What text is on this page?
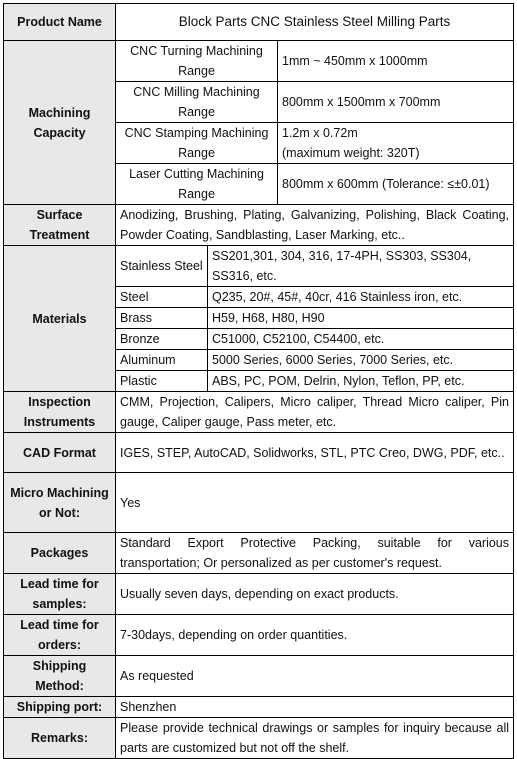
Product Name	Block Parts CNC Stainless Steel Milling Parts		
Machining Capacity	CNC Turning Machining Range		1mm ~ 450mm x 1000mm
	CNC Milling Machining Range		800mm x 1500mm x 700mm
	CNC Stamping Machining Range		1.2m x 0.72m
(maximum weight: 320T)

	Laser Cutting Machining Range		800mm x 600mm (Tolerance: ≤±0.01)
Surface Treatment	Anodizing, Brushing, Plating, Galvanizing, Polishing, Black Coating, Powder Coating, Sandblasting, Laser Marking, etc..		
Materials	Stainless Steel	SS201,301, 304, 316, 17-4PH, SS303, SS304, SS316, etc.	
	Steel	Q235, 20#, 45#, 40cr, 416 Stainless iron, etc.	
	Brass	H59, H68, H80, H90	
	Bronze	C51000, C52100, C54400, etc.	
	Aluminum	5000 Series, 6000 Series, 7000 Series, etc.	
	Plastic	ABS, PC, POM, Delrin, Nylon, Teflon, PP, etc.	
Inspection Instruments	CMM, Projection, Calipers, Micro caliper, Thread Micro caliper, Pin gauge, Caliper gauge, Pass meter, etc.		
CAD Format	IGES, STEP, AutoCAD, Solidworks, STL, PTC Creo, DWG, PDF, etc..		
Micro Machining or Not:	Yes		
Packages	Standard Export Protective Packing, suitable for various transportation; Or personalized as per customer's request.		
Lead time for samples:	Usually seven days, depending on exact products.		
Lead time for orders:	7-30days, depending on order quantities.		
Shipping Method:	As requested		
Shipping port:	Shenzhen		
Remarks:	Please provide technical drawings or samples for inquiry because all parts are customized but not off the shelf.		
